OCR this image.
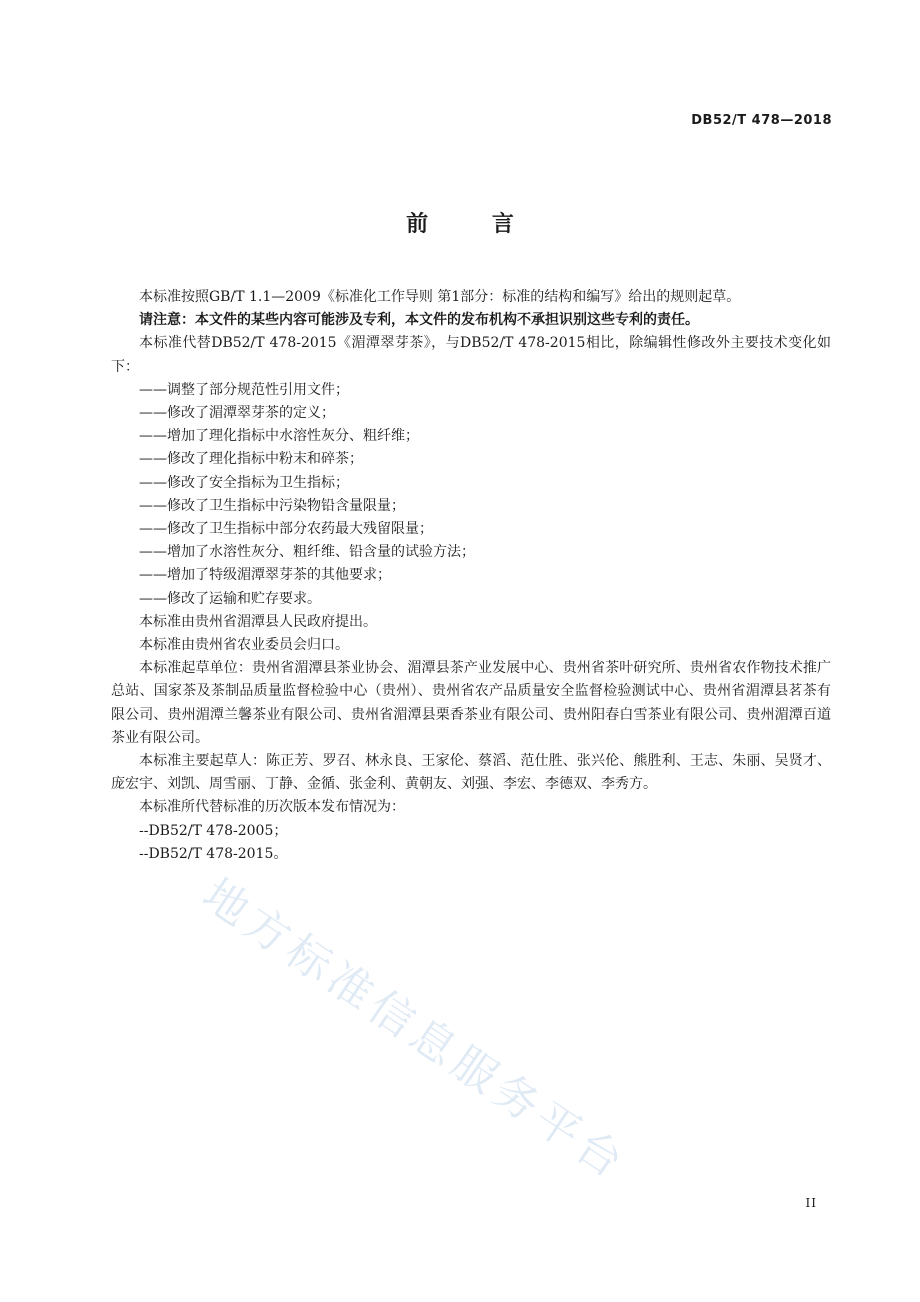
DB52/T 478—2018
前 言

本标准按照GB/T 1.1—2009《标准化工作导则 第1部分：标准的结构和编写》给出的规则起草。

请注意：本文件的某些内容可能涉及专利，本文件的发布机构不承担识别这些专利的责任。

本标准代替DB52/T 478-2015《湄潭翠芽茶》，与DB52/T 478-2015相比，除编辑性修改外主要技术变化如下：

——调整了部分规范性引用文件；

——修改了湄潭翠芽茶的定义；

——增加了理化指标中水溶性灰分、粗纤维；

——修改了理化指标中粉末和碎茶；

——修改了安全指标为卫生指标；

——修改了卫生指标中污染物铅含量限量；

——修改了卫生指标中部分农药最大残留限量；

——增加了水溶性灰分、粗纤维、铅含量的试验方法；

——增加了特级湄潭翠芽茶的其他要求；

——修改了运输和贮存要求。

本标准由贵州省湄潭县人民政府提出。

本标准由贵州省农业委员会归口。

本标准起草单位：贵州省湄潭县茶业协会、湄潭县茶产业发展中心、贵州省茶叶研究所、贵州省农作物技术推广总站、国家茶及茶制品质量监督检验中心（贵州）、贵州省农产品质量安全监督检验测试中心、贵州省湄潭县茗茶有限公司、贵州湄潭兰馨茶业有限公司、贵州省湄潭县栗香茶业有限公司、贵州阳春白雪茶业有限公司、贵州湄潭百道茶业有限公司。

本标准主要起草人：陈正芳、罗召、林永良、王家伦、蔡滔、范仕胜、张兴伦、熊胜利、王志、朱丽、吴贤才、庞宏宇、刘凯、周雪丽、丁静、金循、张金利、黄朝友、刘强、李宏、李德双、李秀方。

本标准所代替标准的历次版本发布情况为：

--DB52/T 478-2005；

--DB52/T 478-2015。

地方标准信息服务平台
II
